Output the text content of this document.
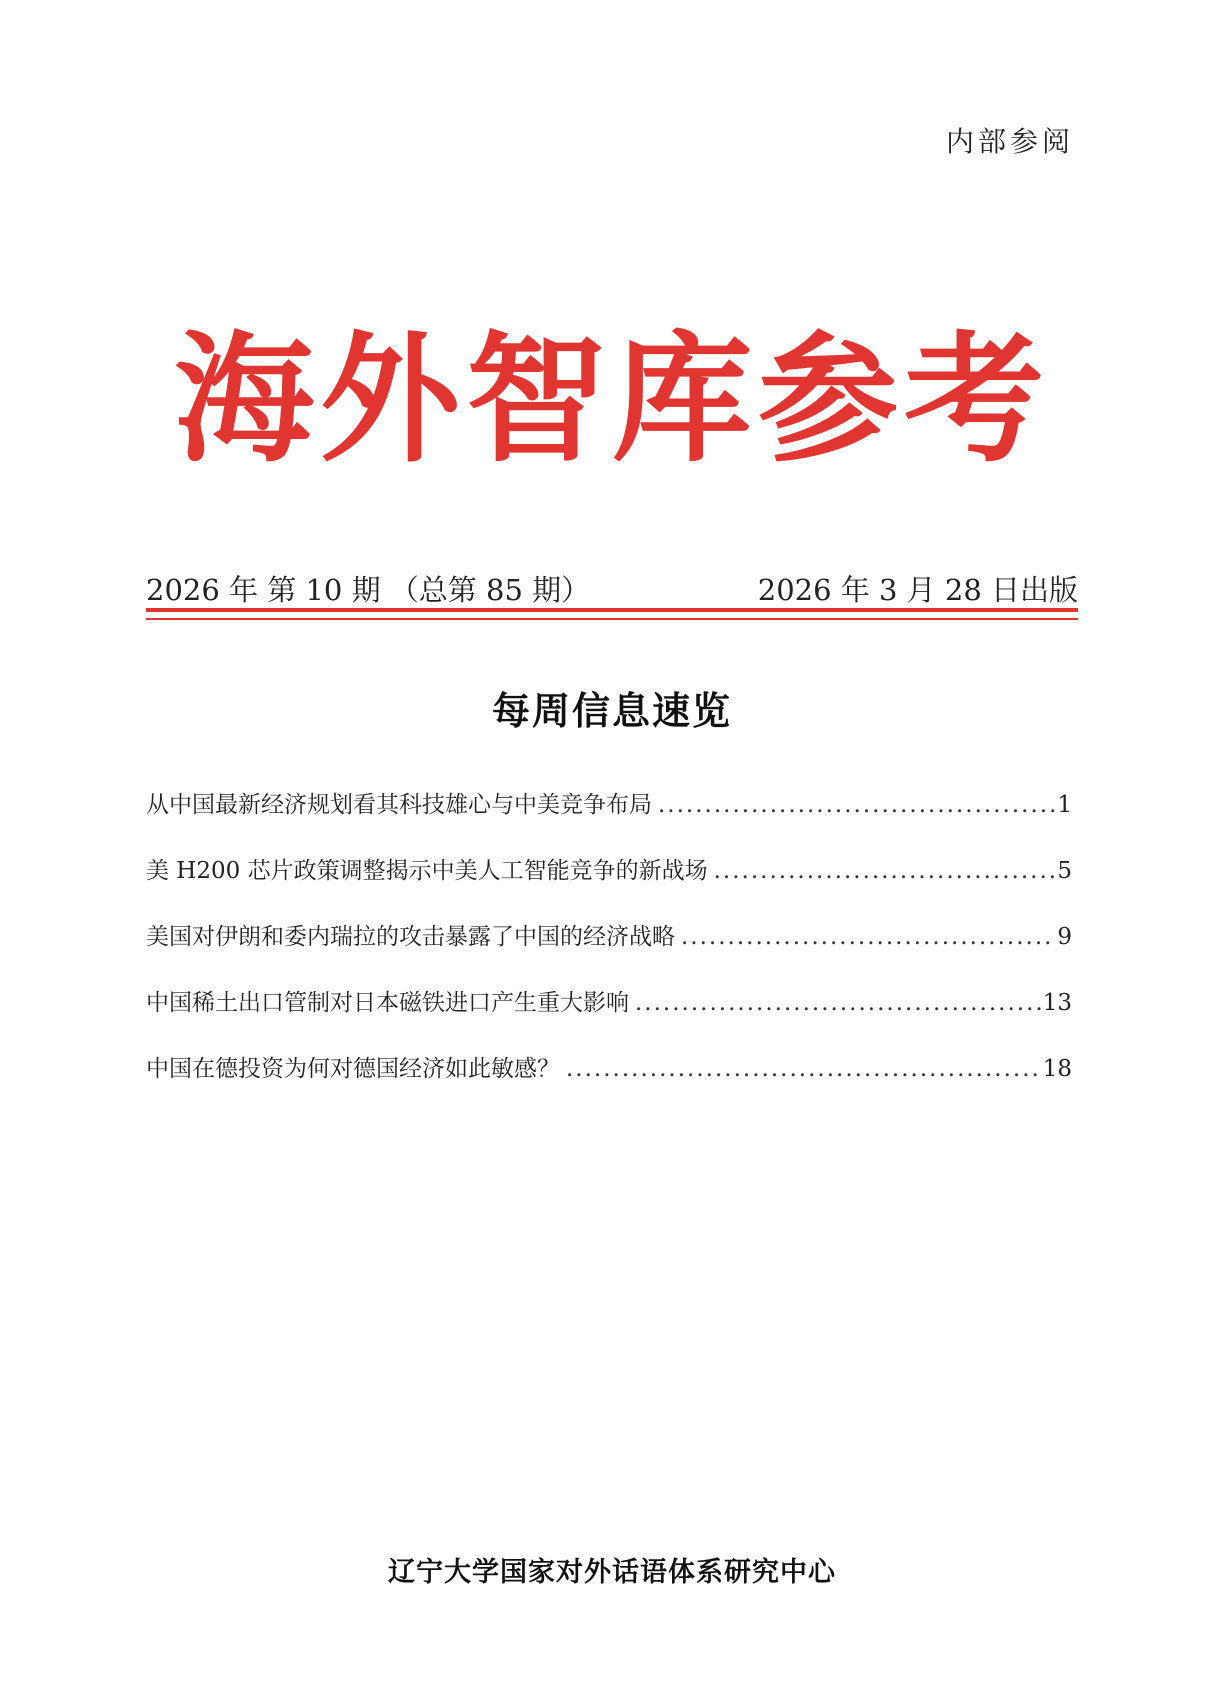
内部参阅
海外智库参考
2026 年 第 10 期 （总第 85 期）	2026 年 3 月 28 日出版
每周信息速览
从中国最新经济规划看其科技雄心与中美竞争布局 .....	1
美 H200 芯片政策调整揭示中美人工智能竞争的新战场 .....	5
美国对伊朗和委内瑞拉的攻击暴露了中国的经济战略 .....	9
中国稀土出口管制对日本磁铁进口产生重大影响 .....	13
中国在德投资为何对德国经济如此敏感？ .....	18
辽宁大学国家对外话语体系研究中心
